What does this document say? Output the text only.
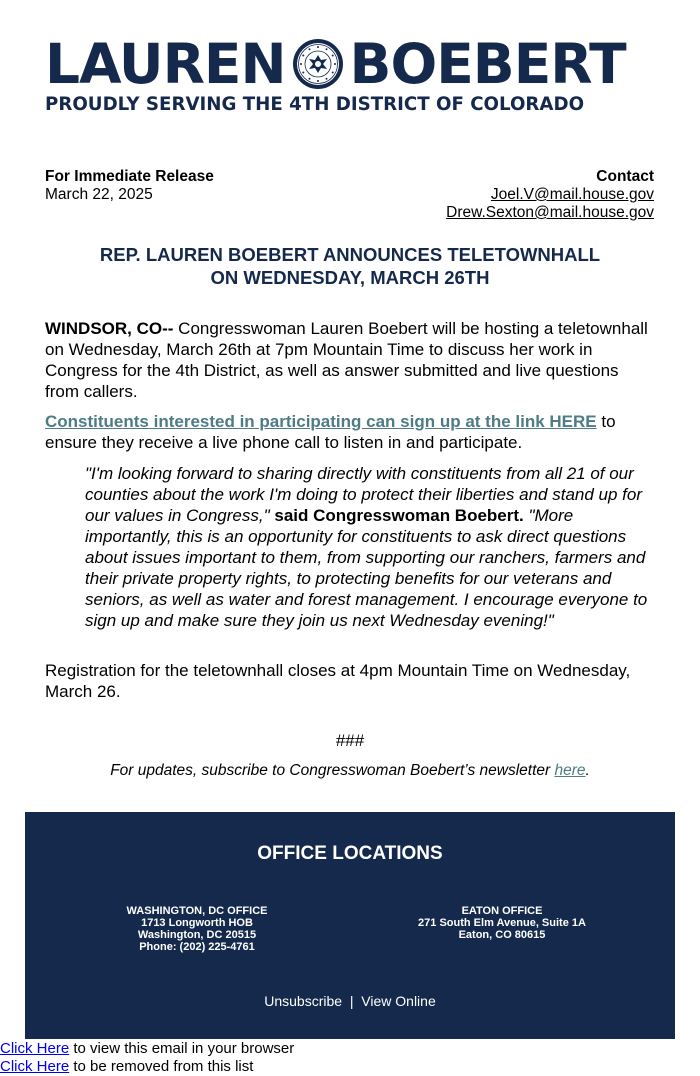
LAUREN BOEBERT
PROUDLY SERVING THE 4TH DISTRICT OF COLORADO
For Immediate Release
March 22, 2025
Contact
Joel.V@mail.house.gov
Drew.Sexton@mail.house.gov
REP. LAUREN BOEBERT ANNOUNCES TELETOWNHALL
ON WEDNESDAY, MARCH 26TH
WINDSOR, CO-- Congresswoman Lauren Boebert will be hosting a teletownhall on Wednesday, March 26th at 7pm Mountain Time to discuss her work in Congress for the 4th District, as well as answer submitted and live questions from callers.
Constituents interested in participating can sign up at the link HERE to ensure they receive a live phone call to listen in and participate.
"I'm looking forward to sharing directly with constituents from all 21 of our counties about the work I'm doing to protect their liberties and stand up for our values in Congress," said Congresswoman Boebert. "More importantly, this is an opportunity for constituents to ask direct questions about issues important to them, from supporting our ranchers, farmers and their private property rights, to protecting benefits for our veterans and seniors, as well as water and forest management. I encourage everyone to sign up and make sure they join us next Wednesday evening!"
Registration for the teletownhall closes at 4pm Mountain Time on Wednesday, March 26.
###
For updates, subscribe to Congresswoman Boebert’s newsletter here.
OFFICE LOCATIONS
WASHINGTON, DC OFFICE
1713 Longworth HOB
Washington, DC 20515
Phone: (202) 225-4761
EATON OFFICE
271 South Elm Avenue, Suite 1A
Eaton, CO 80615
Unsubscribe | View Online
Click Here to view this email in your browser
Click Here to be removed from this list
